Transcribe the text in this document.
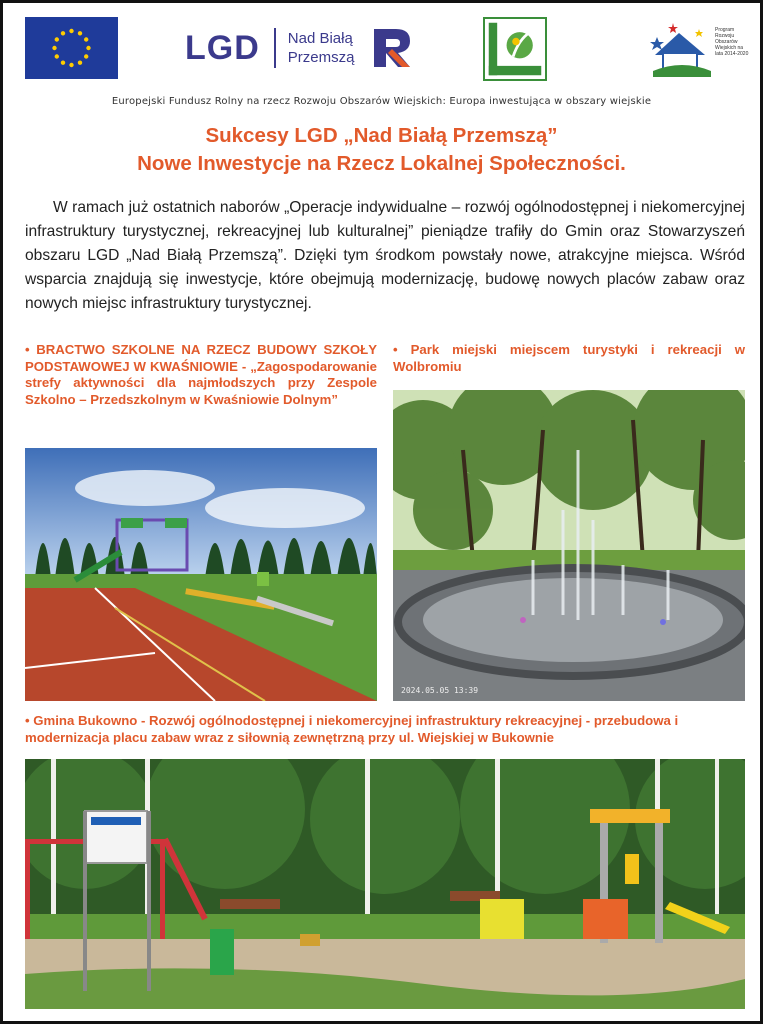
LGD Nad Białą Przemszą
Program Rozwoju Obszarów Wiejskich na lata 2014-2020
Europejski Fundusz Rolny na rzecz Rozwoju Obszarów Wiejskich: Europa inwestująca w obszary wiejskie
Sukcesy LGD „Nad Białą Przemszą”
Nowe Inwestycje na Rzecz Lokalnej Społeczności.

W ramach już ostatnich naborów „Operacje indywidualne – rozwój ogólnodostępnej i niekomercyjnej infrastruktury turystycznej, rekreacyjnej lub kulturalnej” pieniądze trafiły do Gmin oraz Stowarzyszeń obszaru LGD „Nad Białą Przemszą”. Dzięki tym środkom powstały nowe, atrakcyjne miejsca. Wśród wsparcia znajdują się inwestycje, które obejmują modernizację, budowę nowych placów zabaw oraz nowych miejsc infrastruktury turystycznej.

• BRACTWO SZKOLNE NA RZECZ BUDOWY SZKOŁY PODSTAWOWEJ W KWAŚNIOWIE - „Zagospodarowanie strefy aktywności dla najmłodszych przy Zespole Szkolno – Przedszkolnym w Kwaśniowie Dolnym”
• Park miejski miejscem turystyki i rekreacji w Wolbromiu
2024.05.05 13:39
• Gmina Bukowno - Rozwój ogólnodostępnej i niekomercyjnej infrastruktury rekreacyjnej - przebudowa i modernizacja placu zabaw wraz z siłownią zewnętrzną przy ul. Wiejskiej w Bukownie
